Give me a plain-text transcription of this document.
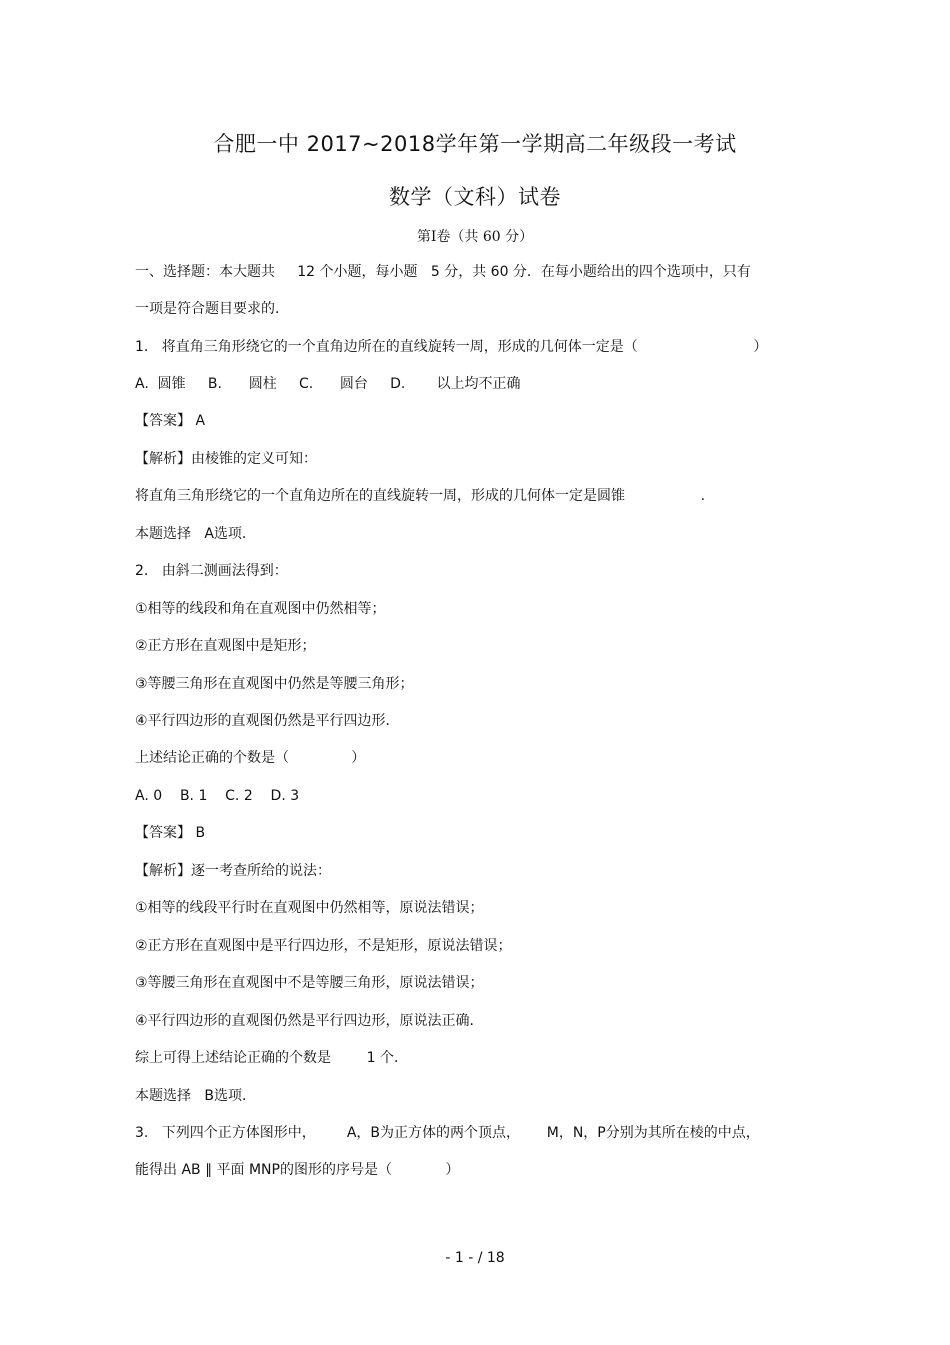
合肥一中 2017~2018学年第一学期高二年级段一考试
数学（文科）试卷
第Ⅰ卷（共 60 分）
一、选择题：本大题共     12 个小题，每小题   5 分，共 60 分．在每小题给出的四个选项中，只有
一项是符合题目要求的．
1.   将直角三角形绕它的一个直角边所在的直线旋转一周，形成的几何体一定是（                          ）
A.  圆锥     B.      圆柱     C.      圆台     D.       以上均不正确
【答案】 A
【解析】由棱锥的定义可知：
将直角三角形绕它的一个直角边所在的直线旋转一周，形成的几何体一定是圆锥                 .
本题选择   A选项．
2.   由斜二测画法得到：
①相等的线段和角在直观图中仍然相等；
②正方形在直观图中是矩形；
③等腰三角形在直观图中仍然是等腰三角形；
④平行四边形的直观图仍然是平行四边形．
上述结论正确的个数是（              ）
A. 0    B. 1    C. 2    D. 3
【答案】 B
【解析】逐一考查所给的说法：
①相等的线段平行时在直观图中仍然相等，原说法错误；
②正方形在直观图中是平行四边形，不是矩形，原说法错误；
③等腰三角形在直观图中不是等腰三角形，原说法错误；
④平行四边形的直观图仍然是平行四边形，原说法正确．
综上可得上述结论正确的个数是        1 个．
本题选择   B选项．
3.   下列四个正方体图形中，       A，B为正方体的两个顶点，      M，N，P分别为其所在棱的中点，
能得出 AB ∥ 平面 MNP的图形的序号是（            ）
- 1 - / 18
